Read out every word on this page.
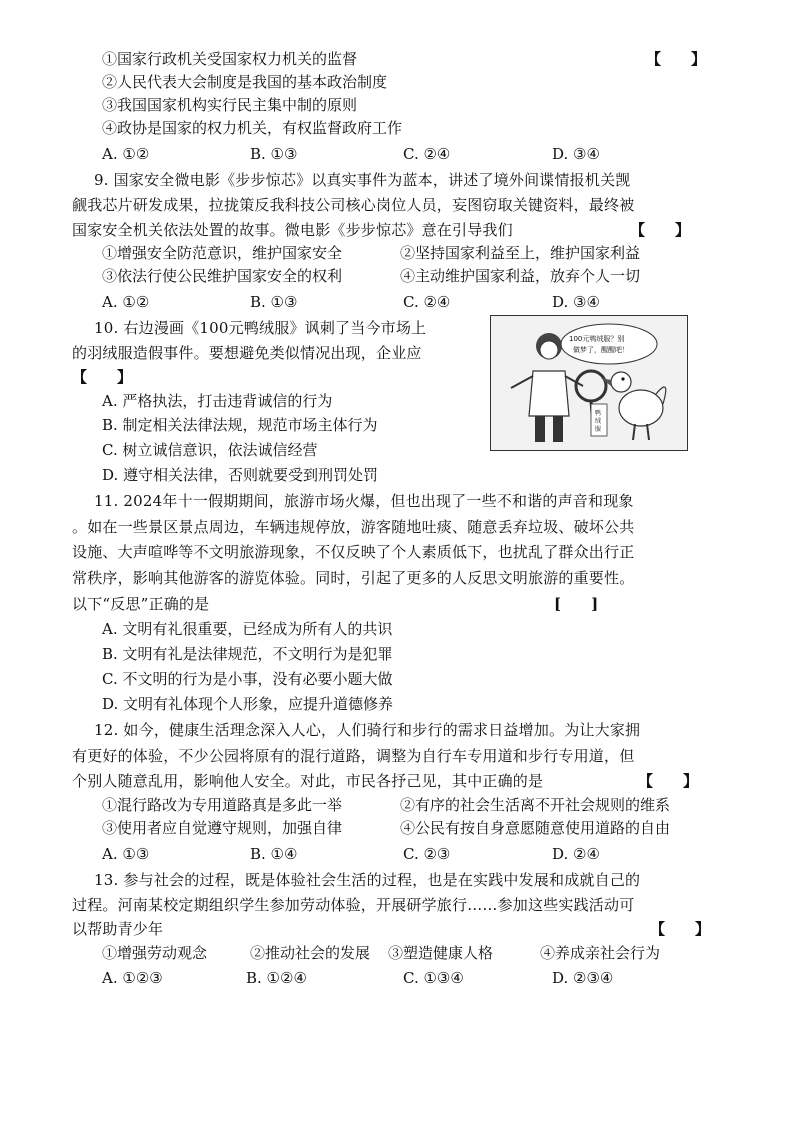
①国家行政机关受国家权力机关的监督	【　　】
②人民代表大会制度是我国的基本政治制度
③我国国家机构实行民主集中制的原则
④政协是国家的权力机关，有权监督政府工作
A. ①②	B. ①③	C. ②④	D. ③④
9. 国家安全微电影《步步惊芯》以真实事件为蓝本，讲述了境外间谍情报机关觊
觎我芯片研发成果，拉拢策反我科技公司核心岗位人员，妄图窃取关键资料，最终被
国家安全机关依法处置的故事。微电影《步步惊芯》意在引导我们	【　　】
①增强安全防范意识，维护国家安全	②坚持国家利益至上，维护国家利益
③依法行使公民维护国家安全的权利	④主动维护国家利益，放弃个人一切
A. ①②	B. ①③	C. ②④	D. ③④
10. 右边漫画《100元鸭绒服》讽刺了当今市场上
的羽绒服造假事件。要想避免类似情况出现，企业应
【　　】
A. 严格执法，打击违背诚信的行为
B. 制定相关法律法规，规范市场主体行为
C. 树立诚信意识，依法诚信经营
D. 遵守相关法律，否则就要受到刑罚处罚
100元鸭绒服？别
做梦了，醒醒吧！
鸭
绒
服
11. 2024年十一假期期间，旅游市场火爆，但也出现了一些不和谐的声音和现象
。如在一些景区景点周边，车辆违规停放，游客随地吐痰、随意丢弃垃圾、破坏公共
设施、大声喧哗等不文明旅游现象，不仅反映了个人素质低下，也扰乱了群众出行正
常秩序，影响其他游客的游览体验。同时，引起了更多的人反思文明旅游的重要性。
以下“反思”正确的是	[　　]
A. 文明有礼很重要，已经成为所有人的共识
B. 文明有礼是法律规范，不文明行为是犯罪
C. 不文明的行为是小事，没有必要小题大做
D. 文明有礼体现个人形象，应提升道德修养
12. 如今，健康生活理念深入人心，人们骑行和步行的需求日益增加。为让大家拥
有更好的体验，不少公园将原有的混行道路，调整为自行车专用道和步行专用道，但
个别人随意乱用，影响他人安全。对此，市民各抒己见，其中正确的是	【　　】
①混行路改为专用道路真是多此一举	②有序的社会生活离不开社会规则的维系
③使用者应自觉遵守规则，加强自律	④公民有按自身意愿随意使用道路的自由
A. ①③	B. ①④	C. ②③	D. ②④
13. 参与社会的过程，既是体验社会生活的过程，也是在实践中发展和成就自己的
过程。河南某校定期组织学生参加劳动体验，开展研学旅行……参加这些实践活动可
以帮助青少年	【　　】
①增强劳动观念	②推动社会的发展 ③塑造健康人格	④养成亲社会行为
A. ①②③	B. ①②④	C. ①③④	D. ②③④
